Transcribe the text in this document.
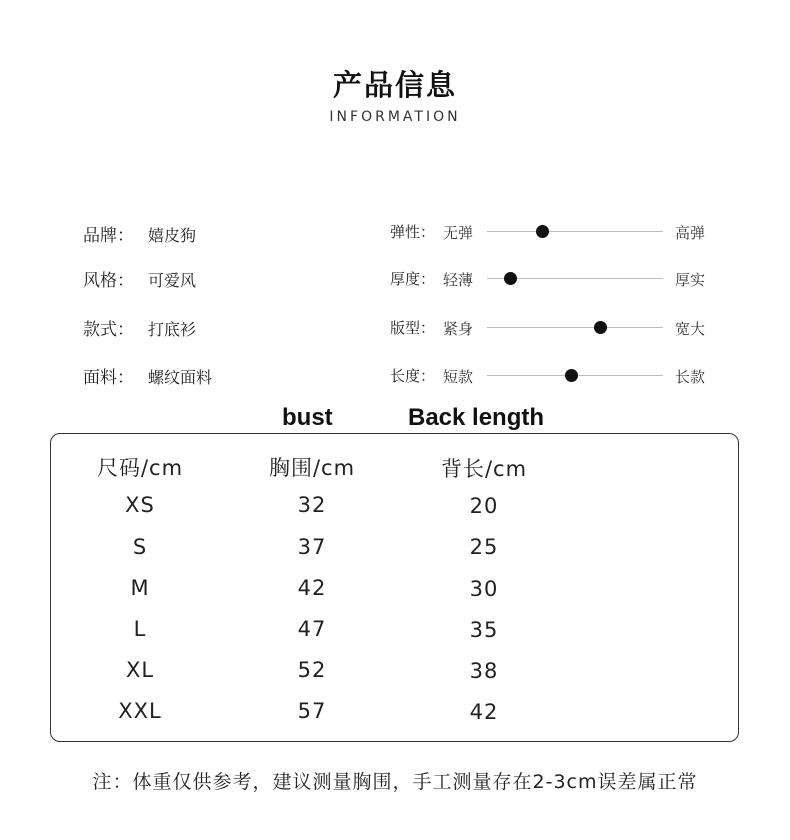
产品信息
INFORMATION
品牌： 嬉皮狗
风格： 可爱风
款式： 打底衫
面料： 螺纹面料
弹性： 无弹	高弹
厚度： 轻薄	厚实
版型： 紧身	宽大
长度： 短款	长款
bust	Back length
尺码/cm	胸围/cm	背长/cm
XS	32	20
S	37	25
M	42	30
L	47	35
XL	52	38
XXL	57	42
注：体重仅供参考，建议测量胸围，手工测量存在2-3cm误差属正常
